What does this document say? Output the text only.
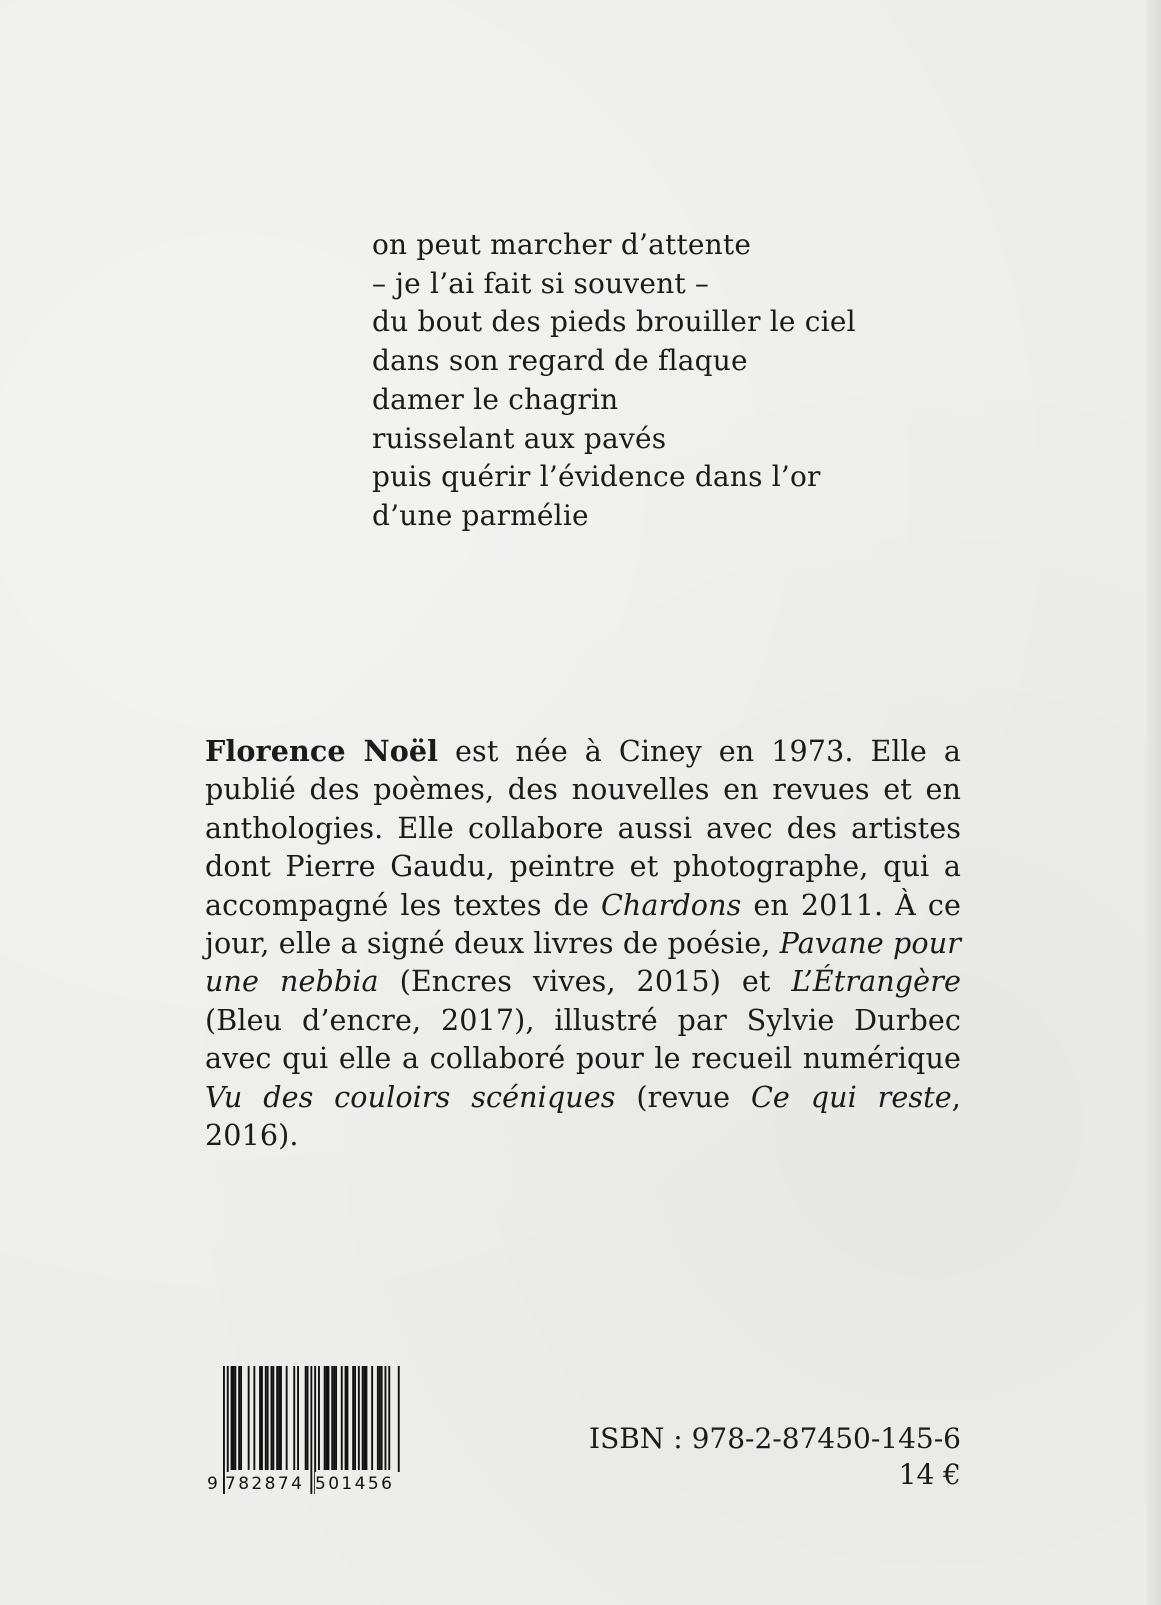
on peut marcher d’attente
– je l’ai fait si souvent –
du bout des pieds brouiller le ciel
dans son regard de flaque
damer le chagrin
ruisselant aux pavés
puis quérir l’évidence dans l’or
d’une parmélie

Florence Noël est née à Ciney en 1973. Elle a publié des poèmes, des nouvelles en revues et en anthologies. Elle collabore aussi avec des artistes dont Pierre Gaudu, peintre et photographe, qui a accompagné les textes de Chardons en 2011. À ce jour, elle a signé deux livres de poésie, Pavane pour une nebbia (Encres vives, 2015) et L’Étrangère (Bleu d’encre, 2017), illustré par Sylvie Durbec avec qui elle a collaboré pour le recueil numérique Vu des couloirs scéniques (revue Ce qui reste, 2016).

9 782874 501456
ISBN : 978-2-87450-145-6
14 €
